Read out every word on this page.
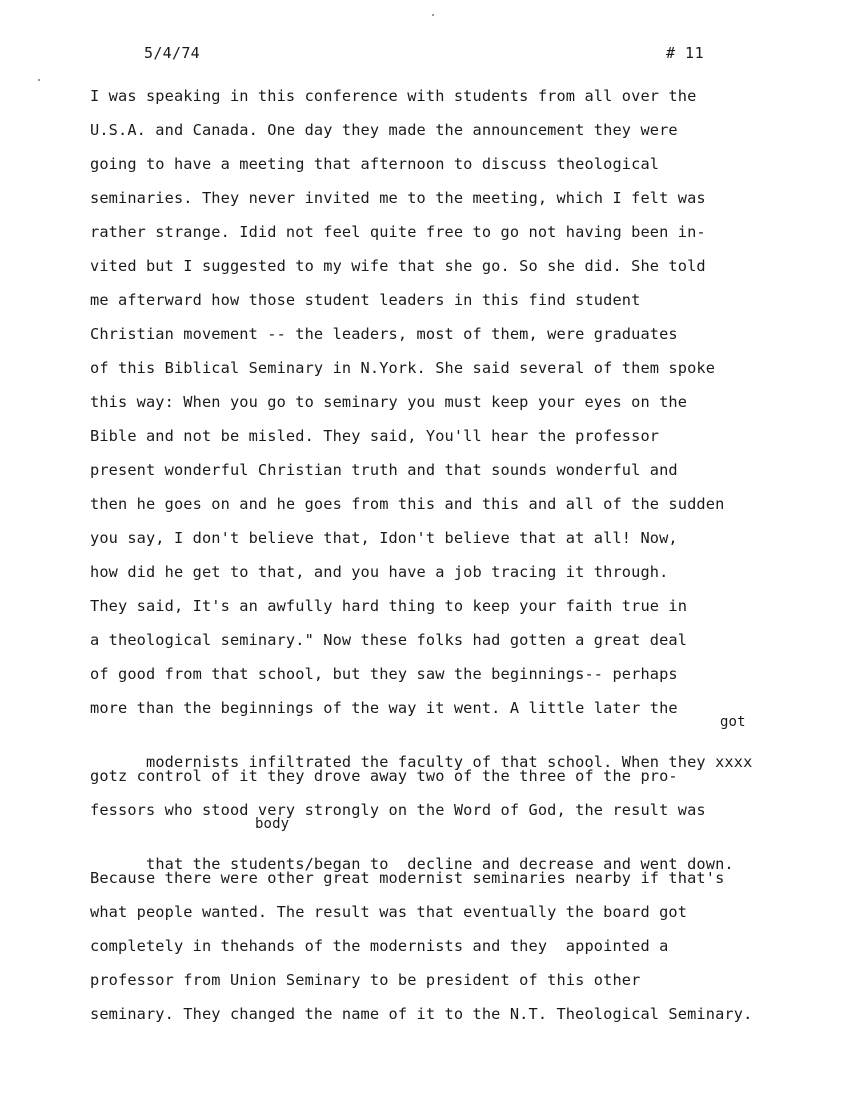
5/4/74	# 11
I was speaking in this conference with students from all over the
U.S.A. and Canada. One day they made the announcement they were
going to have a meeting that afternoon to discuss theological
seminaries. They never invited me to the meeting, which I felt was
rather strange. Idid not feel quite free to go not having been in-
vited but I suggested to my wife that she go. So she did. She told
me afterward how those student leaders in this find student
Christian movement -- the leaders, most of them, were graduates
of this Biblical Seminary in N.York. She said several of them spoke
this way: When you go to seminary you must keep your eyes on the
Bible and not be misled. They said, You'll hear the professor
present wonderful Christian truth and that sounds wonderful and
then he goes on and he goes from this and this and all of the sudden
you say, I don't believe that, Idon't believe that at all! Now,
how did he get to that, and you have a job tracing it through.
They said, It's an awfully hard thing to keep your faith true in
a theological seminary." Now these folks had gotten a great deal
of good from that school, but they saw the beginnings-- perhaps
more than the beginnings of the way it went. A little later the

modernists infiltrated the faculty of that school. When they xxxx

got

gotz control of it they drove away two of the three of the pro-
fessors who stood very strongly on the Word of God, the result was

that the students/began to  decline and decrease and went down.

body

Because there were other great modernist seminaries nearby if that's
what people wanted. The result was that eventually the board got
completely in thehands of the modernists and they  appointed a
professor from Union Seminary to be president of this other
seminary. They changed the name of it to the N.T. Theological Seminary.
